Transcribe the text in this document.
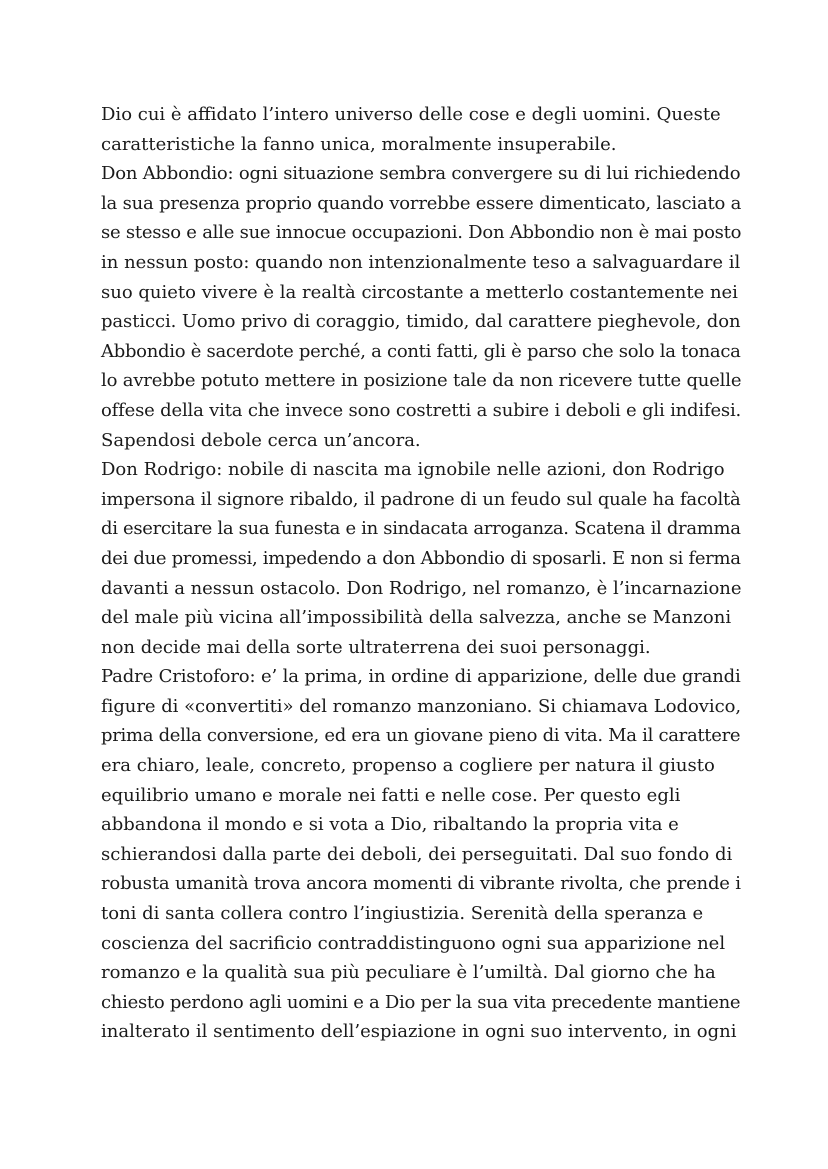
Dio cui è affidato l’intero universo delle cose e degli uomini. Queste
caratteristiche la fanno unica, moralmente insuperabile.
Don Abbondio: ogni situazione sembra convergere su di lui richiedendo
la sua presenza proprio quando vorrebbe essere dimenticato, lasciato a
se stesso e alle sue innocue occupazioni. Don Abbondio non è mai posto
in nessun posto: quando non intenzionalmente teso a salvaguardare il
suo quieto vivere è la realtà circostante a metterlo costantemente nei
pasticci. Uomo privo di coraggio, timido, dal carattere pieghevole, don
Abbondio è sacerdote perché, a conti fatti, gli è parso che solo la tonaca
lo avrebbe potuto mettere in posizione tale da non ricevere tutte quelle
offese della vita che invece sono costretti a subire i deboli e gli indifesi.
Sapendosi debole cerca un’ancora.
Don Rodrigo: nobile di nascita ma ignobile nelle azioni, don Rodrigo
impersona il signore ribaldo, il padrone di un feudo sul quale ha facoltà
di esercitare la sua funesta e in sindacata arroganza. Scatena il dramma
dei due promessi, impedendo a don Abbondio di sposarli. E non si ferma
davanti a nessun ostacolo. Don Rodrigo, nel romanzo, è l’incarnazione
del male più vicina all’impossibilità della salvezza, anche se Manzoni
non decide mai della sorte ultraterrena dei suoi personaggi.
Padre Cristoforo: e’ la prima, in ordine di apparizione, delle due grandi
figure di «convertiti» del romanzo manzoniano. Si chiamava Lodovico,
prima della conversione, ed era un giovane pieno di vita. Ma il carattere
era chiaro, leale, concreto, propenso a cogliere per natura il giusto
equilibrio umano e morale nei fatti e nelle cose. Per questo egli
abbandona il mondo e si vota a Dio, ribaltando la propria vita e
schierandosi dalla parte dei deboli, dei perseguitati. Dal suo fondo di
robusta umanità trova ancora momenti di vibrante rivolta, che prende i
toni di santa collera contro l’ingiustizia. Serenità della speranza e
coscienza del sacrificio contraddistinguono ogni sua apparizione nel
romanzo e la qualità sua più peculiare è l’umiltà. Dal giorno che ha
chiesto perdono agli uomini e a Dio per la sua vita precedente mantiene
inalterato il sentimento dell’espiazione in ogni suo intervento, in ogni
